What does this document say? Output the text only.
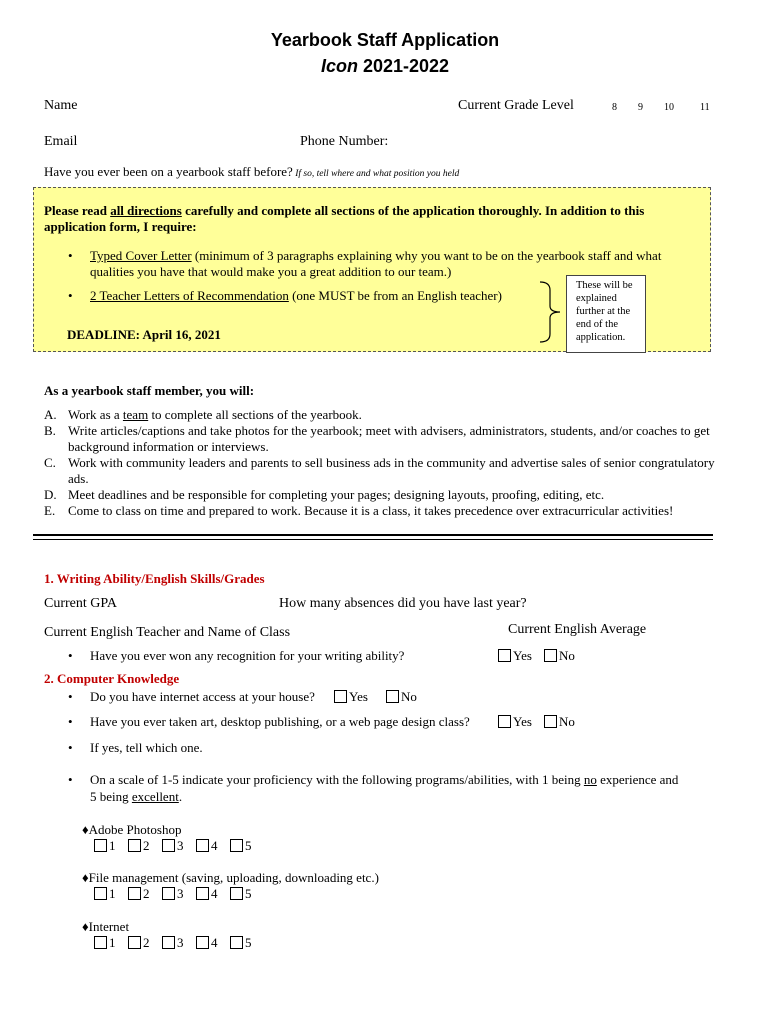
Yearbook Staff Application
Icon 2021-2022
Name	Current Grade Level	8 9 10	11
Email	Phone Number:
Have you ever been on a yearbook staff before? If so, tell where and what position you held
Please read all directions carefully and complete all sections of the application thoroughly. In addition to this
application form, I require:
• Typed Cover Letter (minimum of 3 paragraphs explaining why you want to be on the yearbook staff and what
qualities you have that would make you a great addition to our team.)
• 2 Teacher Letters of Recommendation (one MUST be from an English teacher)
DEADLINE: April 16, 2021
These will be explained further at the end of the application.
As a yearbook staff member, you will:
A. Work as a team to complete all sections of the yearbook.
B. Write articles/captions and take photos for the yearbook; meet with advisers, administrators, students, and/or coaches to get background information or interviews.
C. Work with community leaders and parents to sell business ads in the community and advertise sales of senior congratulatory ads.
D. Meet deadlines and be responsible for completing your pages; designing layouts, proofing, editing, etc.
E. Come to class on time and prepared to work. Because it is a class, it takes precedence over extracurricular activities!
1. Writing Ability/English Skills/Grades
Current GPA	How many absences did you have last year?
Current English Teacher and Name of Class	Current English Average
• Have you ever won any recognition for your writing ability?	Yes	No
2. Computer Knowledge
• Do you have internet access at your house?	Yes	No
• Have you ever taken art, desktop publishing, or a web page design class?	Yes	No
• If yes, tell which one.
• On a scale of 1-5 indicate your proficiency with the following programs/abilities, with 1 being no experience and
5 being excellent.
♦Adobe Photoshop
1 2 3 4 5
♦File management (saving, uploading, downloading etc.)
1 2 3 4 5
♦Internet
1 2 3 4 5
